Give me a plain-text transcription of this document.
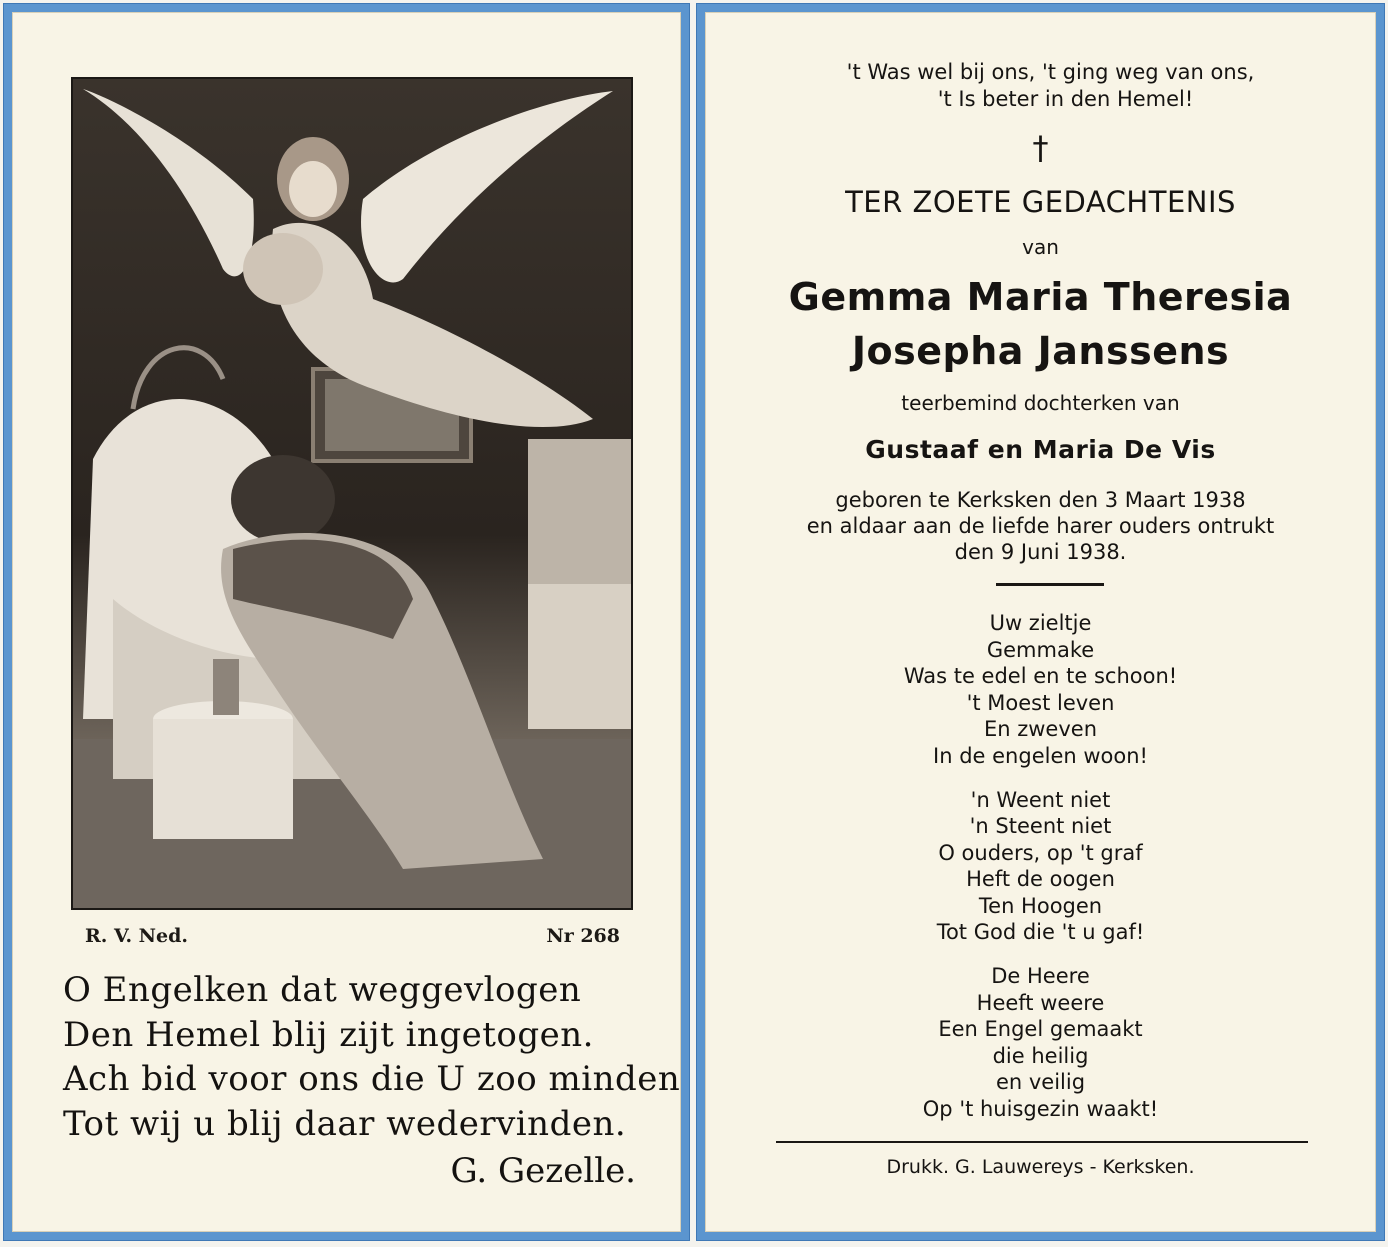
R. V. Ned.	Nr 268
O Engelken dat weggevlogen
Den Hemel blij zijt ingetogen.
Ach bid voor ons die U zoo minden
Tot wij u blij daar wedervinden.
G. Gezelle.
't Was wel bij ons, 't ging weg van ons,
't Is beter in den Hemel!
†
TER ZOETE GEDACHTENIS
van
Gemma Maria Theresia
Josepha Janssens
teerbemind dochterken van
Gustaaf en Maria De Vis
geboren te Kerksken den 3 Maart 1938
en aldaar aan de liefde harer ouders ontrukt
den 9 Juni 1938.
Uw zieltje
Gemmake
Was te edel en te schoon!
't Moest leven
En zweven
In de engelen woon!
'n Weent niet
'n Steent niet
O ouders, op 't graf
Heft de oogen
Ten Hoogen
Tot God die 't u gaf!
De Heere
Heeft weere
Een Engel gemaakt
die heilig
en veilig
Op 't huisgezin waakt!
Drukk. G. Lauwereys - Kerksken.
